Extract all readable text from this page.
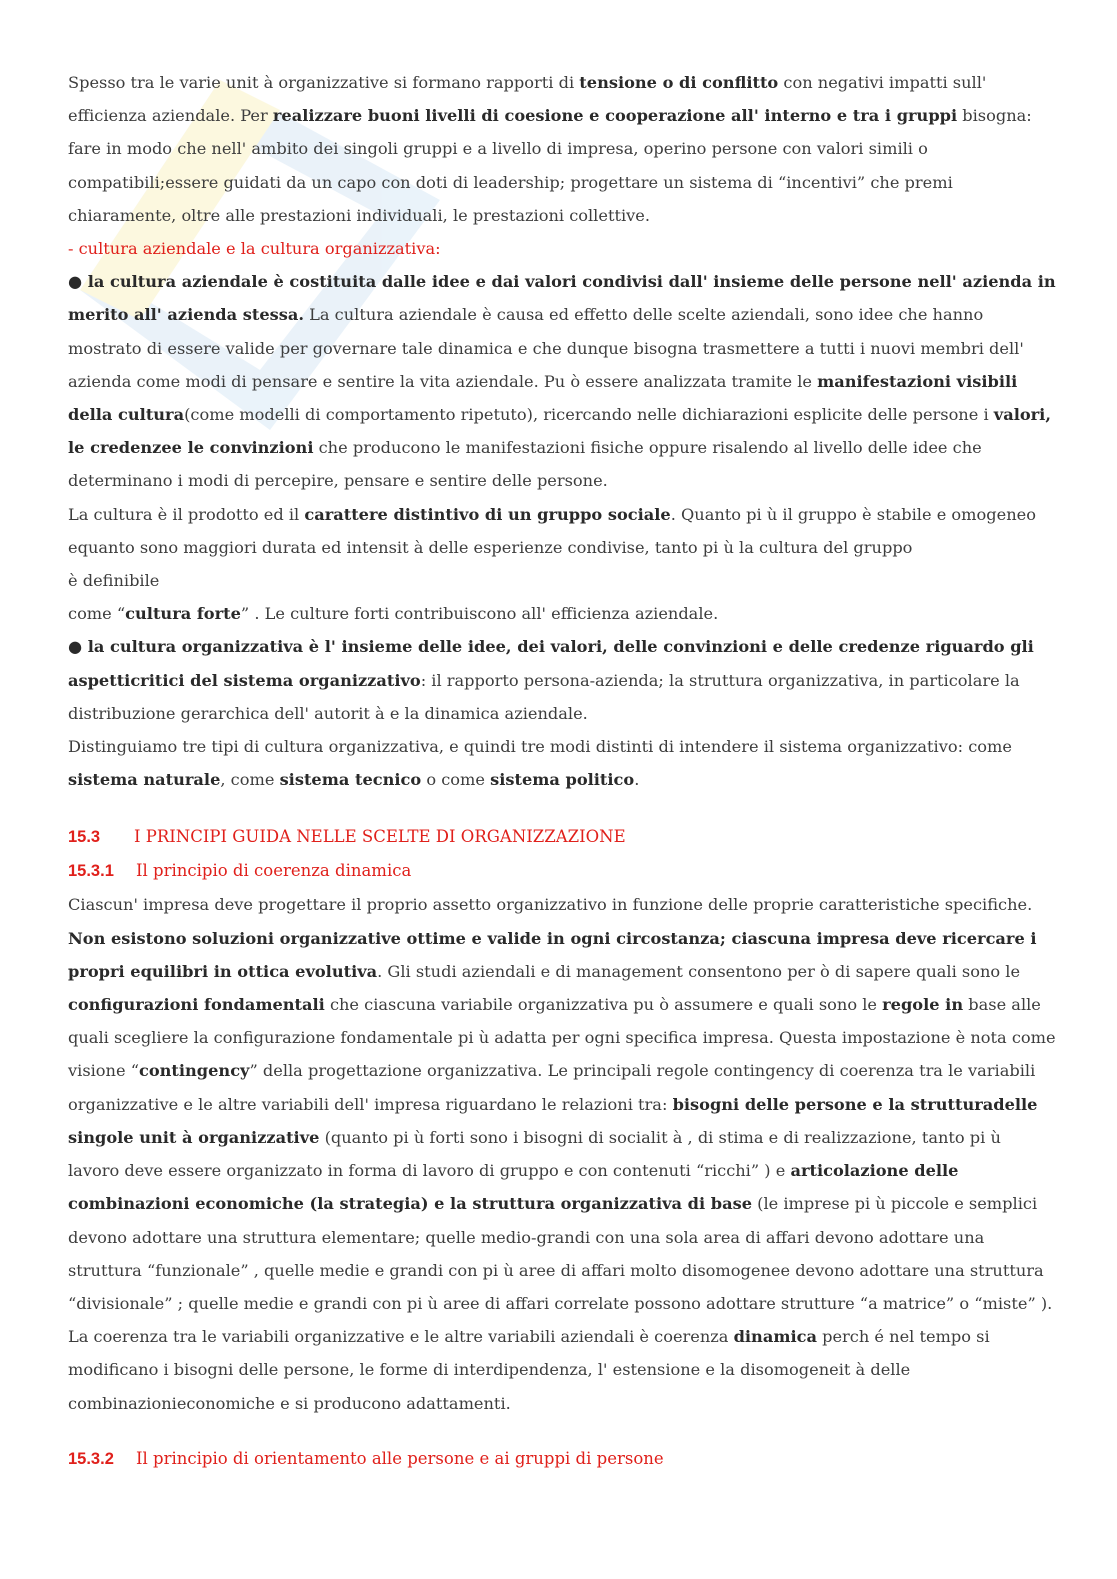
Spesso tra le varie unit à organizzative si formano rapporti di tensione o di conflitto con negativi impatti sull' efficienza aziendale. Per realizzare buoni livelli di coesione e cooperazione all' interno e tra i gruppi bisogna: fare in modo che nell' ambito dei singoli gruppi e a livello di impresa, operino persone con valori simili o compatibili;essere guidati da un capo con doti di leadership; progettare un sistema di “incentivi” che premi chiaramente, oltre alle prestazioni individuali, le prestazioni collettive.

- cultura aziendale e la cultura organizzativa:

● la cultura aziendale è costituita dalle idee e dai valori condivisi dall' insieme delle persone nell' azienda in merito all' azienda stessa. La cultura aziendale è causa ed effetto delle scelte aziendali, sono idee che hanno mostrato di essere valide per governare tale dinamica e che dunque bisogna trasmettere a tutti i nuovi membri dell' azienda come modi di pensare e sentire la vita aziendale. Pu ò essere analizzata tramite le manifestazioni visibili della cultura(come modelli di comportamento ripetuto), ricercando nelle dichiarazioni esplicite delle persone i valori, le credenzee le convinzioni che producono le manifestazioni fisiche oppure risalendo al livello delle idee che determinano i modi di percepire, pensare e sentire delle persone.

La cultura è il prodotto ed il carattere distintivo di un gruppo sociale. Quanto pi ù il gruppo è stabile e omogeneo equanto sono maggiori durata ed intensit à delle esperienze condivise, tanto pi ù la cultura del gruppo

è definibile

come “cultura forte” . Le culture forti contribuiscono all' efficienza aziendale.

● la cultura organizzativa è l' insieme delle idee, dei valori, delle convinzioni e delle credenze riguardo gli aspetticritici del sistema organizzativo: il rapporto persona-azienda; la struttura organizzativa, in particolare la distribuzione gerarchica dell' autorit à e la dinamica aziendale.

Distinguiamo tre tipi di cultura organizzativa, e quindi tre modi distinti di intendere il sistema organizzativo: come sistema naturale, come sistema tecnico o come sistema politico.

15.3 I PRINCIPI GUIDA NELLE SCELTE DI ORGANIZZAZIONE
15.3.1 Il principio di coerenza dinamica

Ciascun' impresa deve progettare il proprio assetto organizzativo in funzione delle proprie caratteristiche specifiche. Non esistono soluzioni organizzative ottime e valide in ogni circostanza; ciascuna impresa deve ricercare i propri equilibri in ottica evolutiva. Gli studi aziendali e di management consentono per ò di sapere quali sono le configurazioni fondamentali che ciascuna variabile organizzativa pu ò assumere e quali sono le regole in base alle quali scegliere la configurazione fondamentale pi ù adatta per ogni specifica impresa. Questa impostazione è nota come visione “contingency” della progettazione organizzativa. Le principali regole contingency di coerenza tra le variabili organizzative e le altre variabili dell' impresa riguardano le relazioni tra: bisogni delle persone e la strutturadelle singole unit à organizzative (quanto pi ù forti sono i bisogni di socialit à , di stima e di realizzazione, tanto pi ù

lavoro deve essere organizzato in forma di lavoro di gruppo e con contenuti “ricchi” ) e articolazione delle combinazioni economiche (la strategia) e la struttura organizzativa di base (le imprese pi ù piccole e semplici devono adottare una struttura elementare; quelle medio-grandi con una sola area di affari devono adottare una struttura “funzionale” , quelle medie e grandi con pi ù aree di affari molto disomogenee devono adottare una struttura “divisionale” ; quelle medie e grandi con pi ù aree di affari correlate possono adottare strutture “a matrice” o “miste” ).

La coerenza tra le variabili organizzative e le altre variabili aziendali è coerenza dinamica perch é nel tempo si modificano i bisogni delle persone, le forme di interdipendenza, l' estensione e la disomogeneit à delle combinazionieconomiche e si producono adattamenti.

15.3.2 Il principio di orientamento alle persone e ai gruppi di persone
